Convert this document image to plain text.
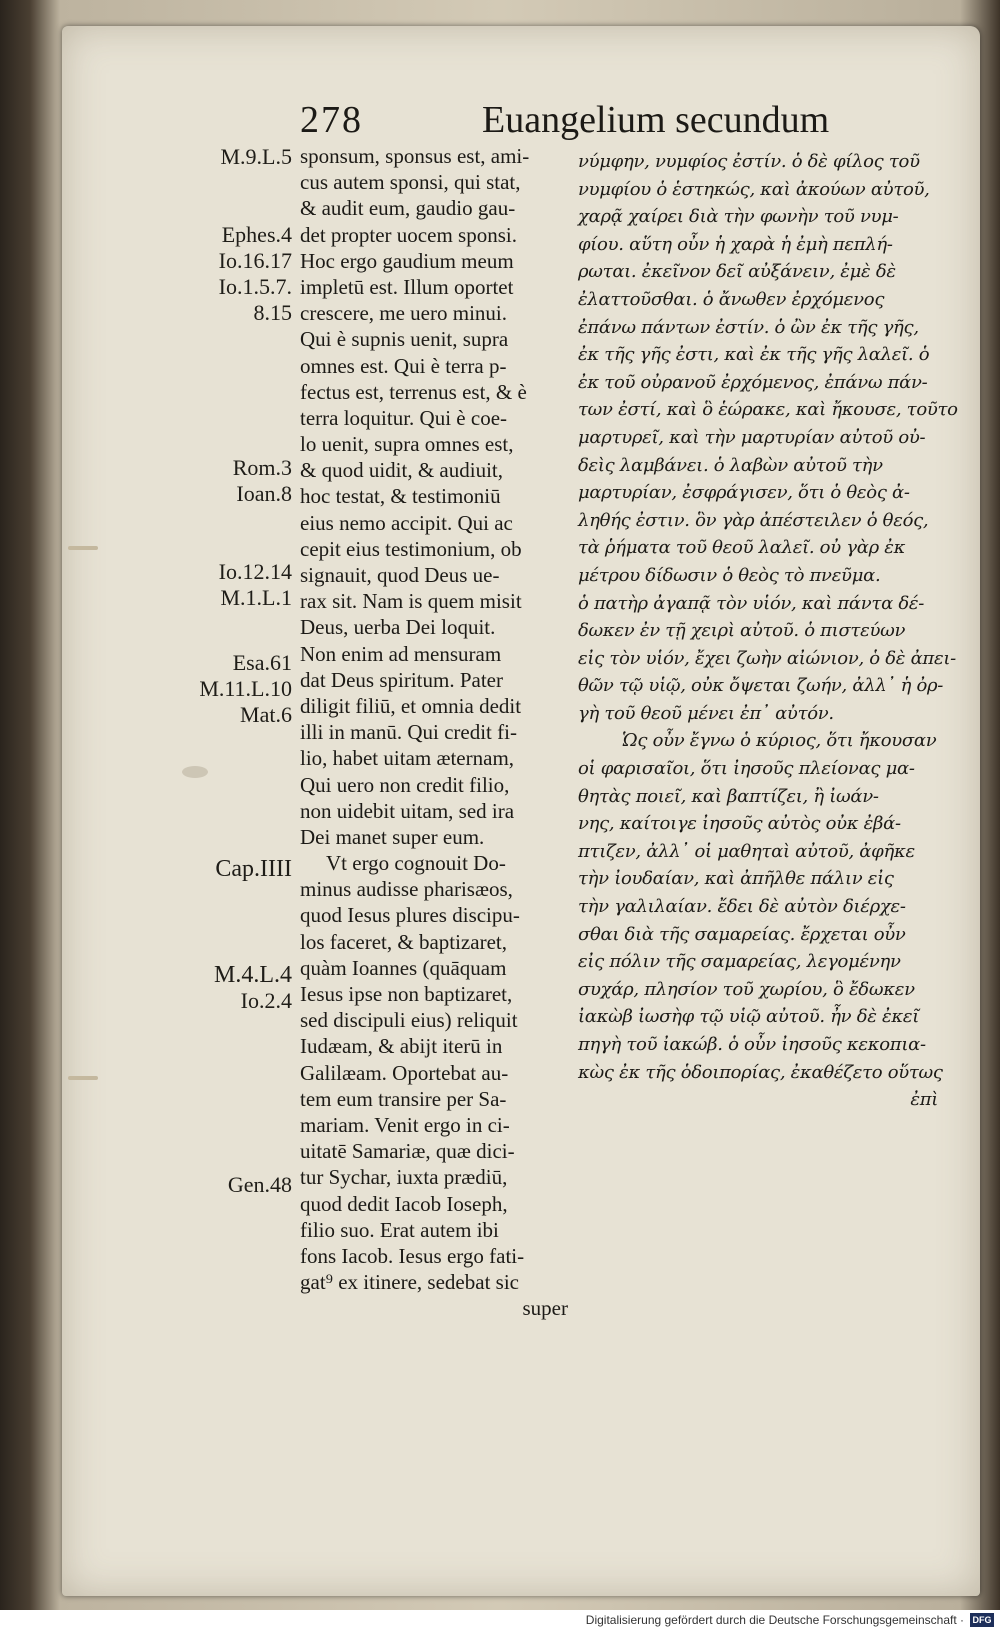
278	Euangelium secundum
M.9.L.5
Ephes.4
Io.16.17
Io.1.5.7.
8.15
Rom.3
Ioan.8
Io.12.14
M.1.L.1
Esa.61
M.11.L.10
Mat.6
Cap.IIII
M.4.L.4
Io.2.4
Gen.48
sponsum, sponsus est, ami-
cus autem sponsi, qui stat,
& audit eum, gaudio gau-
det propter uocem sponsi.
Hoc ergo gaudium meum
impletū est. Illum oportet
crescere, me uero minui.
Qui è supnis uenit, supra
omnes est. Qui è terra p-
fectus est, terrenus est, & è
terra loquitur. Qui è coe-
lo uenit, supra omnes est,
& quod uidit, & audiuit,
hoc testat, & testimoniū
eius nemo accipit. Qui ac
cepit eius testimonium, ob
signauit, quod Deus ue-
rax sit. Nam is quem misit
Deus, uerba Dei loquit.
Non enim ad mensuram
dat Deus spiritum. Pater
diligit filiū, et omnia dedit
illi in manū. Qui credit fi-
lio, habet uitam æternam,
Qui uero non credit filio,
non uidebit uitam, sed ira
Dei manet super eum.
Vt ergo cognouit Do-
minus audisse pharisæos,
quod Iesus plures discipu-
los faceret, & baptizaret,
quàm Ioannes (quāquam
Iesus ipse non baptizaret,
sed discipuli eius) reliquit
Iudæam, & abijt iterū in
Galilæam. Oportebat au-
tem eum transire per Sa-
mariam. Venit ergo in ci-
uitatē Samariæ, quæ dici-
tur Sychar, iuxta prædiū,
quod dedit Iacob Ioseph,
filio suo. Erat autem ibi
fons Iacob. Iesus ergo fati-
gat⁹ ex itinere, sedebat sic
super
νύμφην, νυμφίος ἐστίν. ὁ δὲ φίλος τοῦ
νυμφίου ὁ ἑστηκώς, καὶ ἀκούων αὐτοῦ,
χαρᾷ χαίρει διὰ τὴν φωνὴν τοῦ νυμ-
φίου. αὕτη οὖν ἡ χαρὰ ἡ ἐμὴ πεπλή-
ρωται. ἐκεῖνον δεῖ αὐξάνειν, ἐμὲ δὲ
ἐλαττοῦσθαι. ὁ ἄνωθεν ἐρχόμενος
ἐπάνω πάντων ἐστίν. ὁ ὢν ἐκ τῆς γῆς,
ἐκ τῆς γῆς ἐστι, καὶ ἐκ τῆς γῆς λαλεῖ. ὁ
ἐκ τοῦ οὐρανοῦ ἐρχόμενος, ἐπάνω πάν-
των ἐστί, καὶ ὃ ἑώρακε, καὶ ἤκουσε, τοῦτο
μαρτυρεῖ, καὶ τὴν μαρτυρίαν αὐτοῦ οὐ-
δεὶς λαμβάνει. ὁ λαβὼν αὐτοῦ τὴν
μαρτυρίαν, ἐσφράγισεν, ὅτι ὁ θεὸς ἀ-
ληθής ἐστιν. ὃν γὰρ ἀπέστειλεν ὁ θεός,
τὰ ῥήματα τοῦ θεοῦ λαλεῖ. οὐ γὰρ ἐκ
μέτρου δίδωσιν ὁ θεὸς τὸ πνεῦμα.
ὁ πατὴρ ἀγαπᾷ τὸν υἱόν, καὶ πάντα δέ-
δωκεν ἐν τῇ χειρὶ αὐτοῦ. ὁ πιστεύων
εἰς τὸν υἱόν, ἔχει ζωὴν αἰώνιον, ὁ δὲ ἀπει-
θῶν τῷ υἱῷ, οὐκ ὄψεται ζωήν, ἀλλ᾽ ἡ ὀρ-
γὴ τοῦ θεοῦ μένει ἐπ᾽ αὐτόν.
Ὡς οὖν ἔγνω ὁ κύριος, ὅτι ἤκουσαν
οἱ φαρισαῖοι, ὅτι ἰησοῦς πλείονας μα-
θητὰς ποιεῖ, καὶ βαπτίζει, ἢ ἰωάν-
νης, καίτοιγε ἰησοῦς αὐτὸς οὐκ ἐβά-
πτιζεν, ἀλλ᾽ οἱ μαθηταὶ αὐτοῦ, ἀφῆκε
τὴν ἰουδαίαν, καὶ ἀπῆλθε πάλιν εἰς
τὴν γαλιλαίαν. ἔδει δὲ αὐτὸν διέρχε-
σθαι διὰ τῆς σαμαρείας. ἔρχεται οὖν
εἰς πόλιν τῆς σαμαρείας, λεγομένην
συχάρ, πλησίον τοῦ χωρίου, ὃ ἔδωκεν
ἰακὼβ ἰωσὴφ τῷ υἱῷ αὐτοῦ. ἦν δὲ ἐκεῖ
πηγὴ τοῦ ἰακώβ. ὁ οὖν ἰησοῦς κεκοπια-
κὼς ἐκ τῆς ὁδοιπορίας, ἐκαθέζετο οὕτως
ἐπὶ
Digitalisierung gefördert durch die Deutsche Forschungsgemeinschaft · DFG
